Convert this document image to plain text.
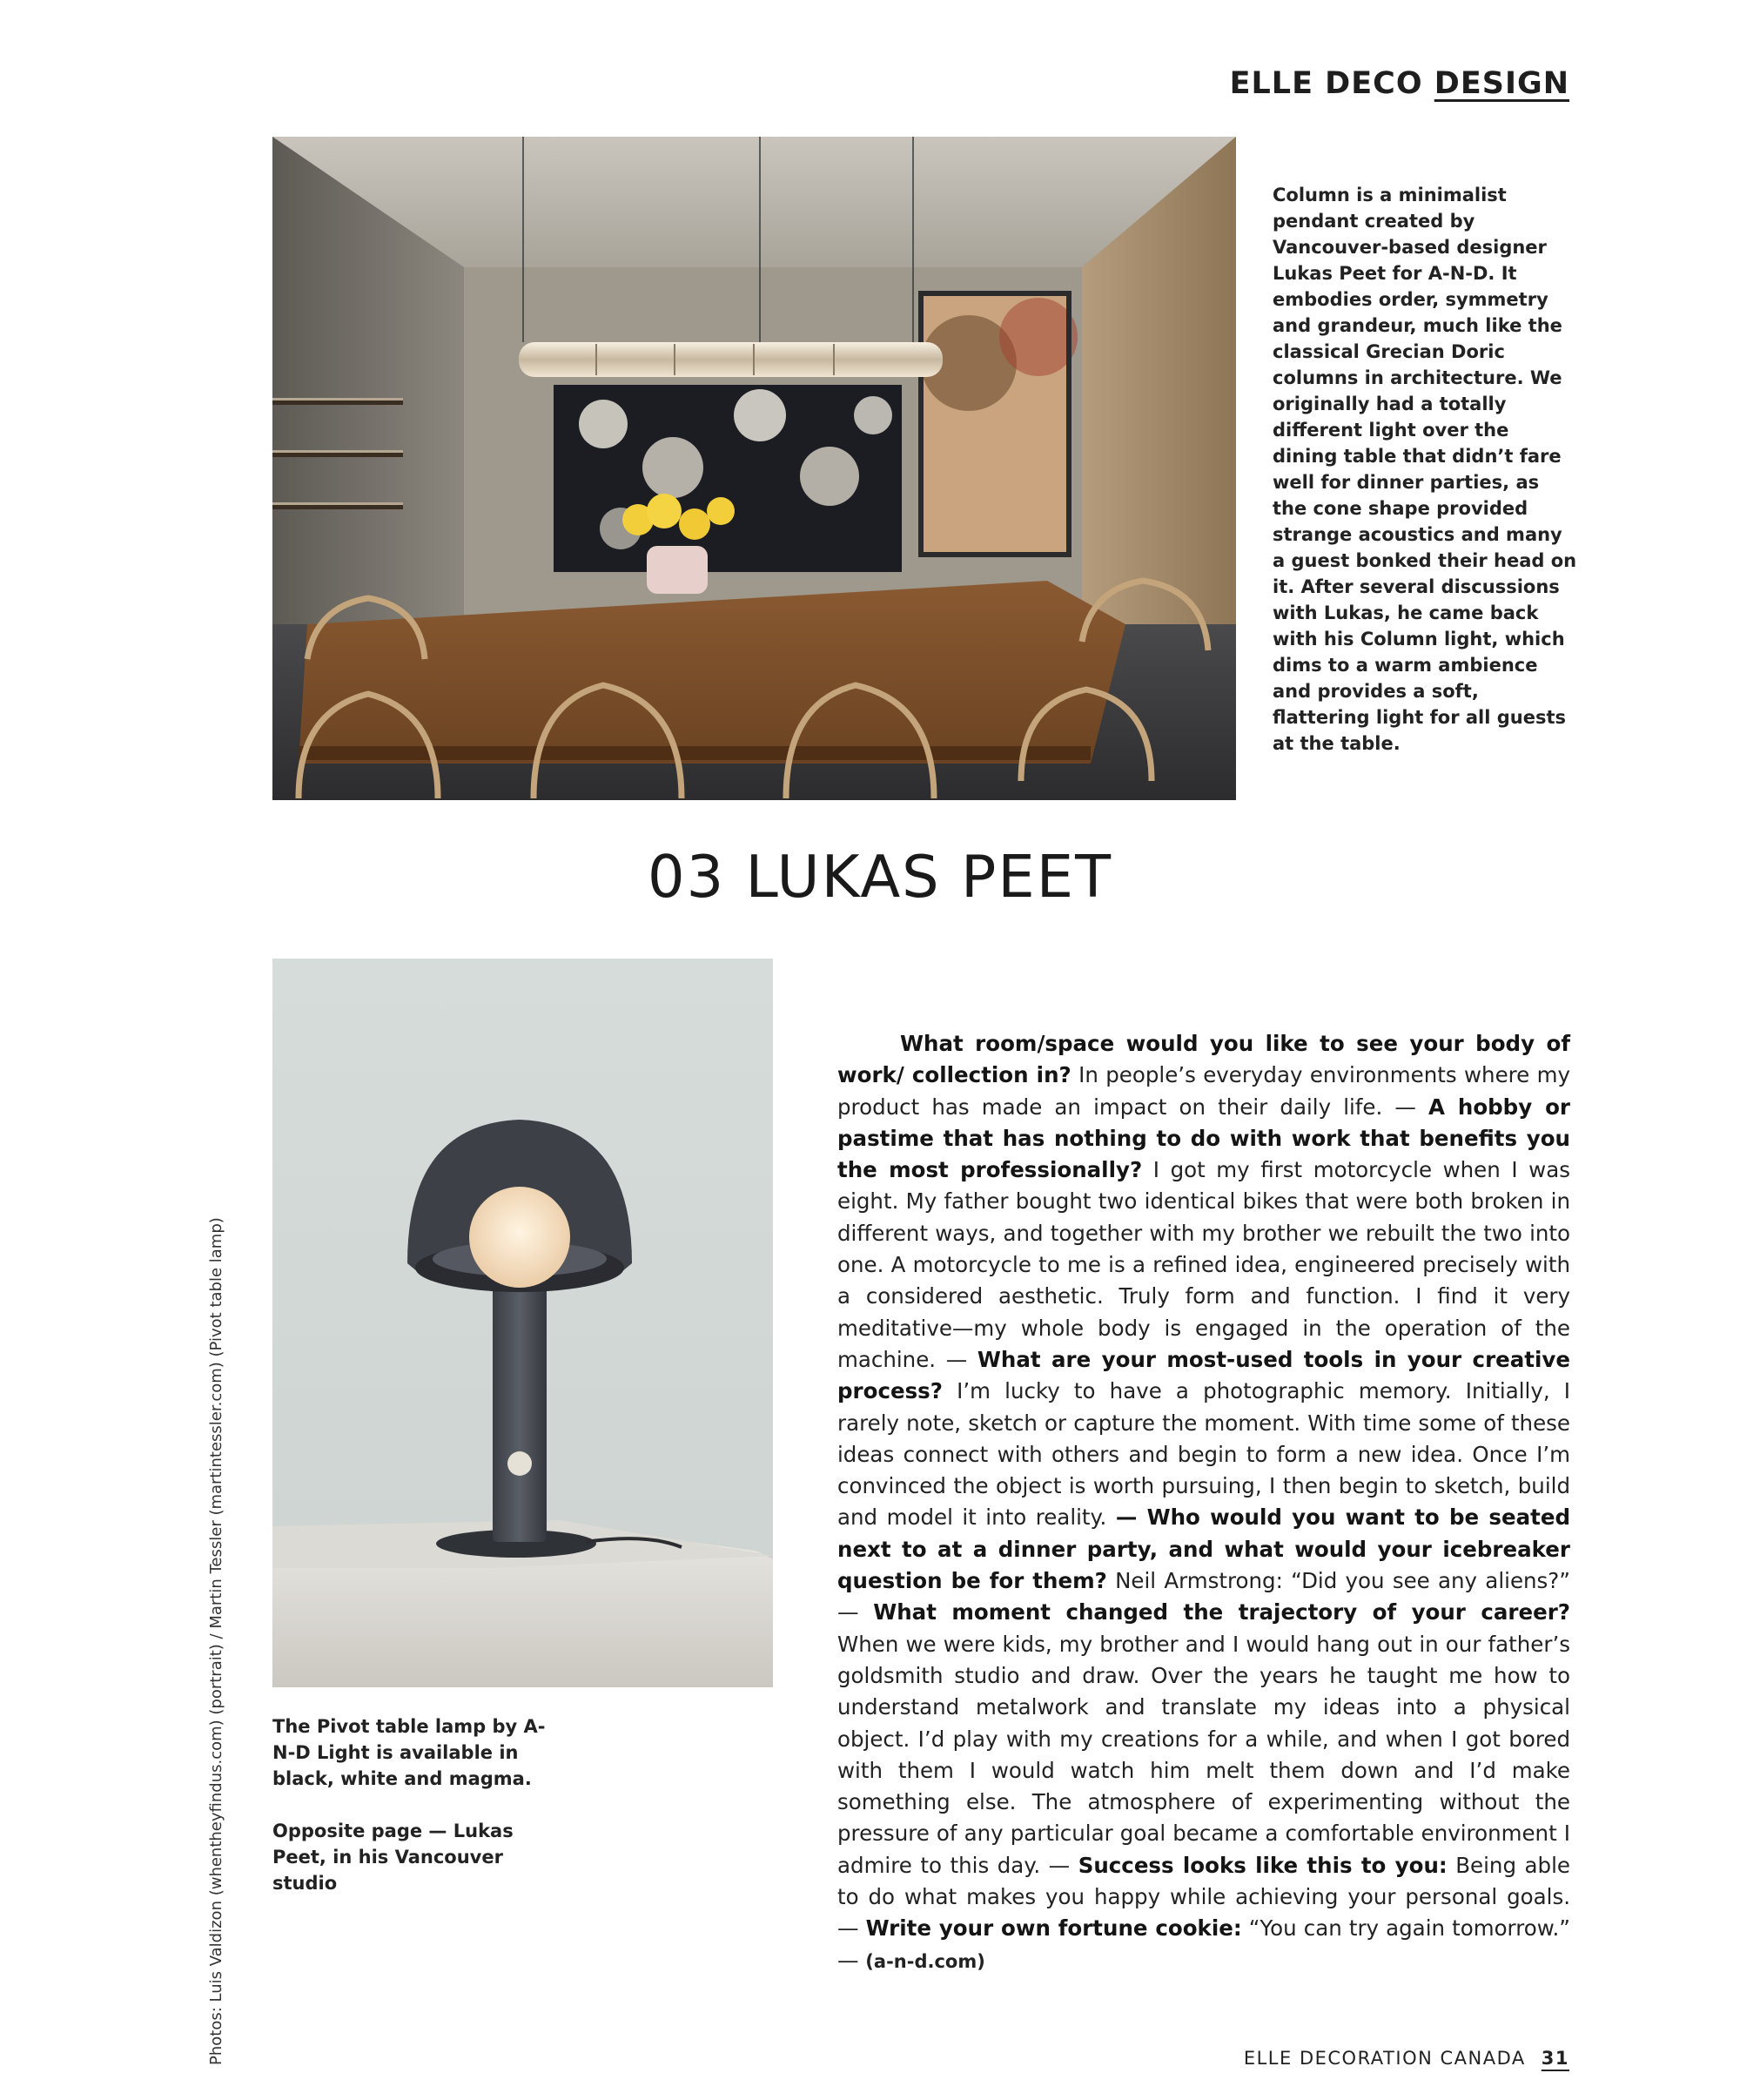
ELLE DECO DESIGN
Column is a minimalist pendant created by Vancouver-based designer Lukas Peet for A-N-D. It embodies order, symmetry and grandeur, much like the classical Grecian Doric columns in architecture. We originally had a totally different light over the dining table that didn’t fare well for dinner parties, as the cone shape provided strange acoustics and many a guest bonked their head on it. After several discussions with Lukas, he came back with his Column light, which dims to a warm ambience and provides a soft, flattering light for all guests at the table.
03 LUKAS PEET

The Pivot table lamp by A-N-D Light is available in black, white and magma.

Opposite page — Lukas Peet, in his Vancouver studio

What room/space would you like to see your body of work/ collection in? In people’s everyday environments where my product has made an impact on their daily life. — A hobby or pastime that has nothing to do with work that benefits you the most professionally? I got my first motorcycle when I was eight. My father bought two identical bikes that were both broken in different ways, and together with my brother we rebuilt the two into one. A motorcycle to me is a refined idea, engineered precisely with a considered aesthetic. Truly form and function. I find it very meditative—my whole body is engaged in the operation of the machine. — What are your most-used tools in your creative process? I’m lucky to have a photographic memory. Initially, I rarely note, sketch or capture the moment. With time some of these ideas connect with others and begin to form a new idea. Once I’m convinced the object is worth pursuing, I then begin to sketch, build and model it into reality. — Who would you want to be seated next to at a dinner party, and what would your icebreaker question be for them? Neil Armstrong: “Did you see any aliens?” — What moment changed the trajectory of your career? When we were kids, my brother and I would hang out in our father’s goldsmith studio and draw. Over the years he taught me how to understand metalwork and translate my ideas into a physical object. I’d play with my creations for a while, and when I got bored with them I would watch him melt them down and I’d make something else. The atmosphere of experimenting without the pressure of any particular goal became a comfortable environment I admire to this day. — Success looks like this to you: Being able to do what makes you happy while achieving your personal goals. — Write your own fortune cookie: “You can try again tomorrow.” — (a-n-d.com)

Photos: Luis Valdizon (whentheyfindus.com) (portrait) / Martin Tessler (martintessler.com) (Pivot table lamp)	ELLE DECORATION CANADA 31
